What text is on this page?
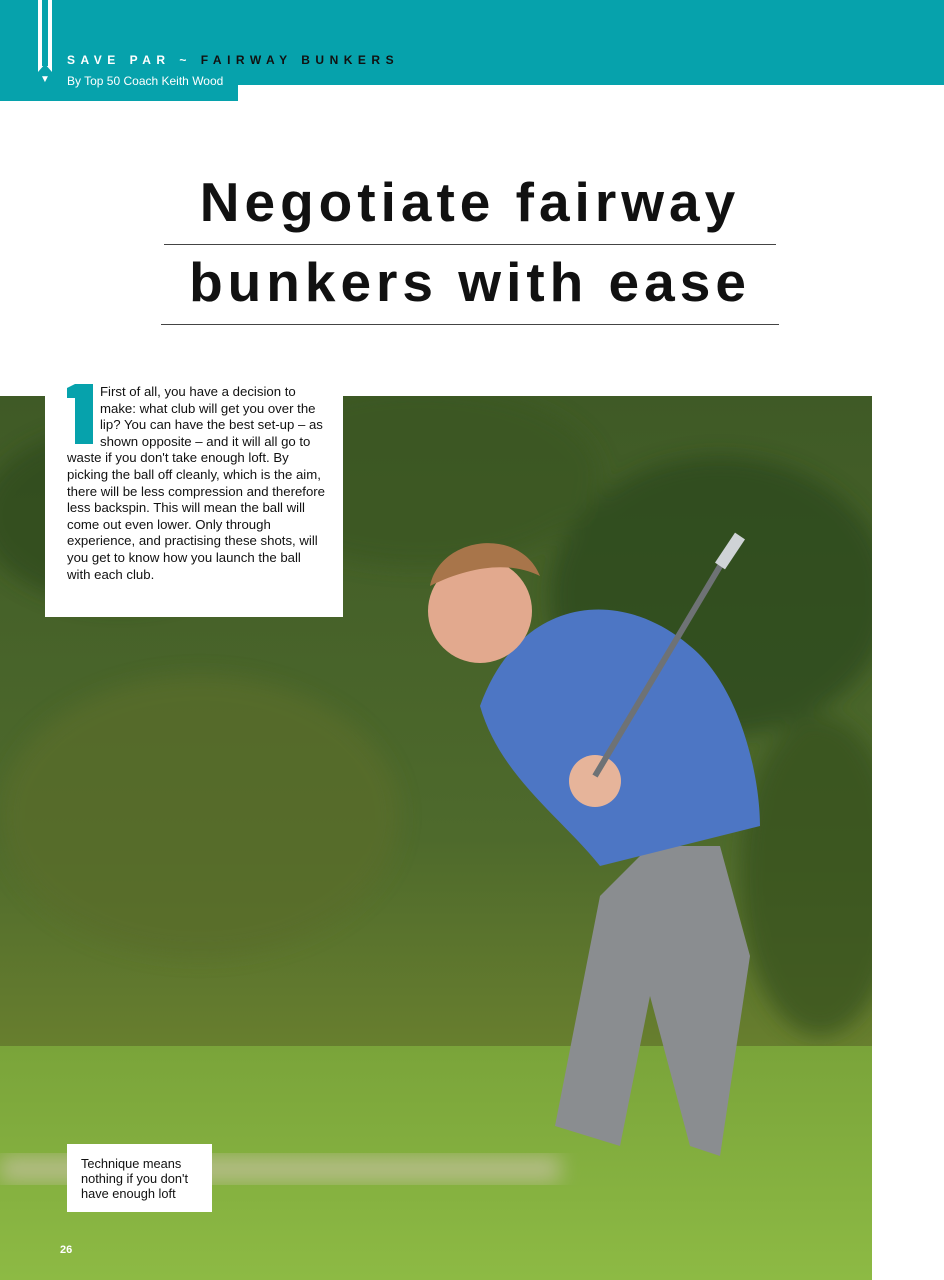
▼
SAVE PAR ~ FAIRWAY BUNKERS
By Top 50 Coach Keith Wood
Negotiate fairway
bunkers with ease
First of all, you have a decision to make: what club will get you over the lip? You can have the best set-up – as shown opposite – and it will all go to waste if you don't take enough loft. By picking the ball off cleanly, which is the aim, there will be less compression and therefore less backspin. This will mean the ball will come out even lower. Only through experience, and practising these shots, will you get to know how you launch the ball with each club.
Technique means nothing if you don't have enough loft
26
